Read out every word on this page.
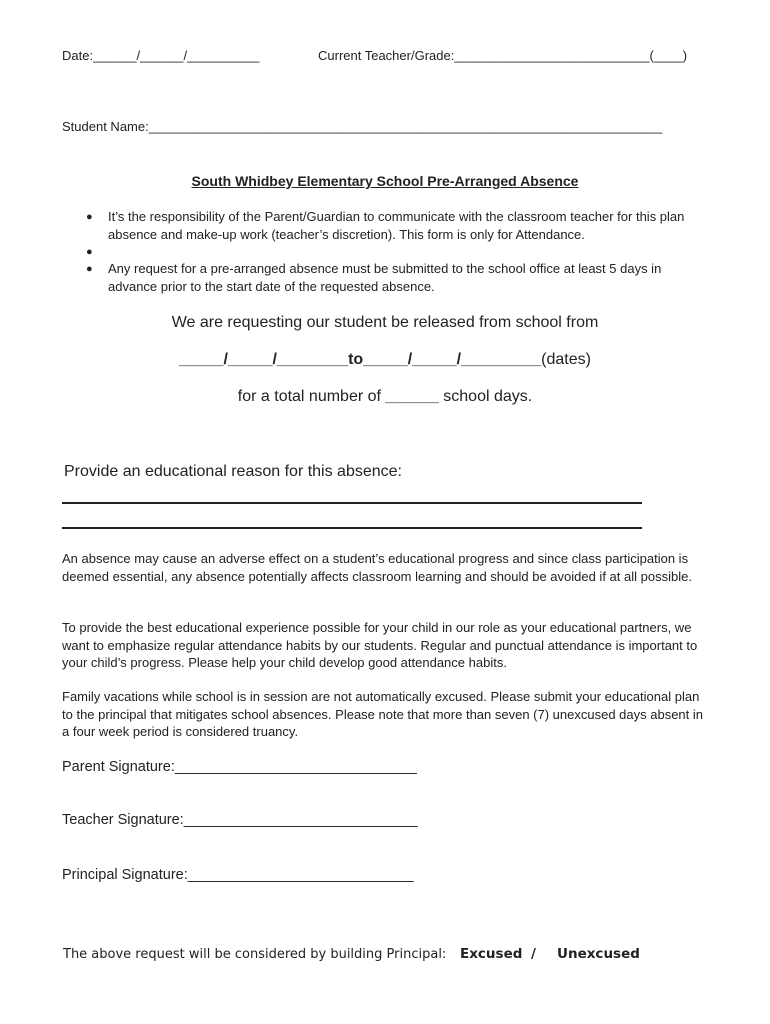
Date:______/______/__________	Current Teacher/Grade:___________________________(____)
Student Name:_______________________________________________________________________
South Whidbey Elementary School Pre-Arranged Absence
● It’s the responsibility of the Parent/Guardian to communicate with the classroom teacher for this plan absence and make-up work (teacher’s discretion). This form is only for Attendance.
●
● Any request for a pre-arranged absence must be submitted to the school office at least 5 days in advance prior to the start date of the requested absence.
We are requesting our student be released from school from
_____/_____/________to_____/_____/_________(dates)
for a total number of ______ school days.
Provide an educational reason for this absence:
An absence may cause an adverse effect on a student’s educational progress and since class participation is deemed essential, any absence potentially affects classroom learning and should be avoided if at all possible.
To provide the best educational experience possible for your child in our role as your educational partners, we want to emphasize regular attendance habits by our students. Regular and punctual attendance is important to your child’s progress. Please help your child develop good attendance habits.
Family vacations while school is in session are not automatically excused. Please submit your educational plan to the principal that mitigates school absences. Please note that more than seven (7) unexcused days absent in a four week period is considered truancy.
Parent Signature:______________________________
Teacher Signature:_____________________________
Principal Signature:____________________________
The above request will be considered by building Principal: Excused / Unexcused
